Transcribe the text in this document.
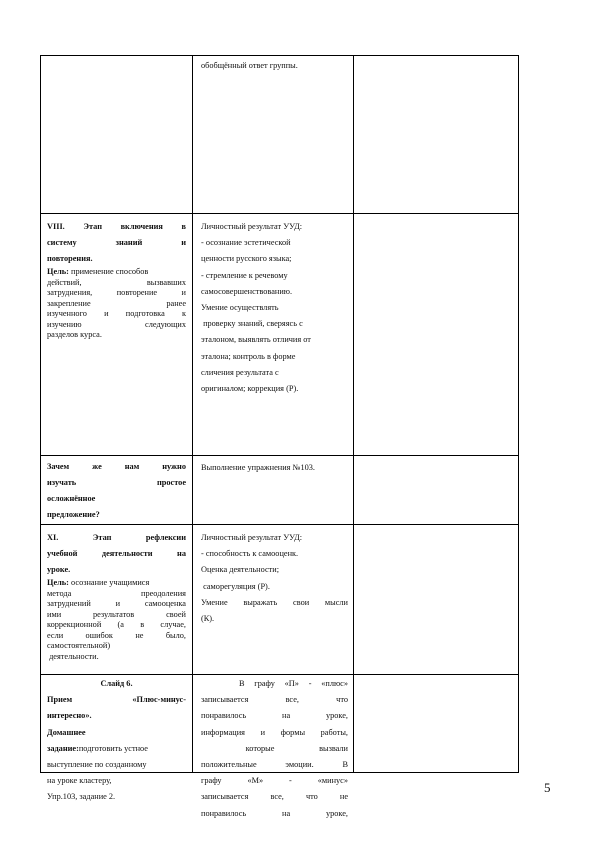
обобщённый ответ группы.

VIII. Этап включения в

систему знаний и

повторения.

Цель: применение способов

действий, вызвавших

затруднения, повторение и

закрепление ранее

изученного и подготовка к

изучению следующих

разделов курса.

Личностный результат УУД:

- осознание эстетической

ценности русского языка;

- стремление к речевому

самосовершенствованию.

Умение осуществлять

проверку знаний, сверяясь с

эталоном, выявлять отличия от

эталона; контроль в форме

сличения результата с

оригиналом; коррекция (Р).

Зачем же нам нужно

изучать простое

осложнённое

предложение?

Выполнение упражнения №103.

XI. Этап рефлексии

учебной деятельности на

уроке.

Цель: осознание учащимися

метода преодоления

затруднений и самооценка

ими результатов своей

коррекционной (а в случае,

если ошибок не было,

самостоятельной)

деятельности.

Личностный результат УУД:

- способность к самооценк.

Оценка деятельности;

саморегуляция (Р).

Умение выражать свои мысли

(К).

Слайд 6.

Прием «Плюс-минус-

интересно».

Домашнее

задание:подготовить устное

выступление по созданному

на уроке кластеру,

Упр.103, задание 2.

В графу «П» - «плюс»

записывается все, что

понравилось на уроке,

информация и формы работы,

которые вызвали

положительные эмоции. В

графу «М» - «минус»

записывается все, что не

понравилось на уроке,

5
